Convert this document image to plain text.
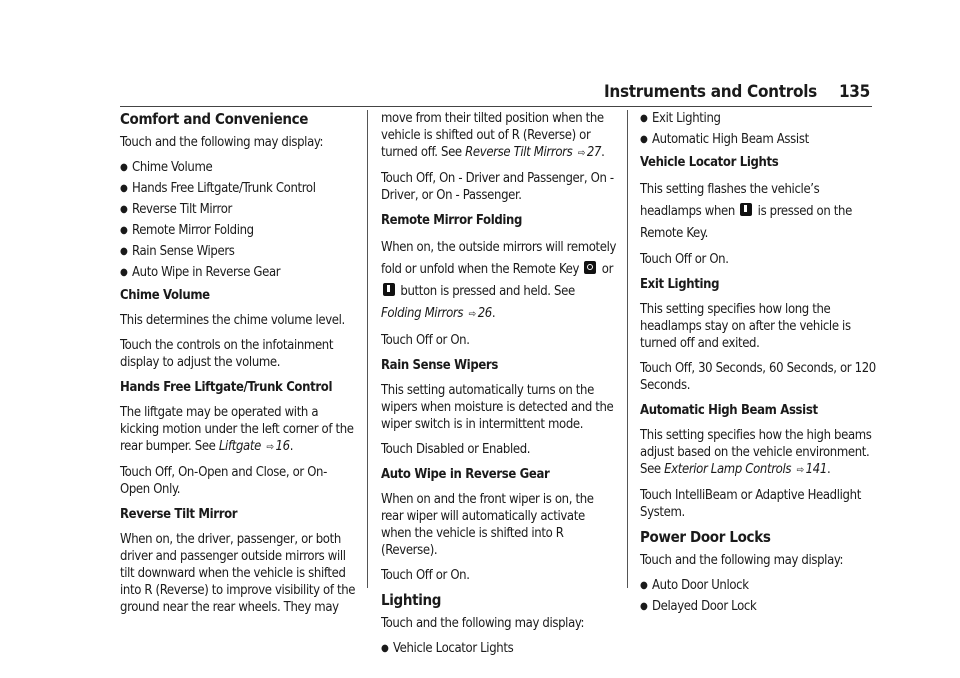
Instruments and Controls 135

Comfort and Convenience

Touch and the following may display:

● Chime Volume
● Hands Free Liftgate/Trunk Control
● Reverse Tilt Mirror
● Remote Mirror Folding
● Rain Sense Wipers
● Auto Wipe in Reverse Gear

Chime Volume

This determines the chime volume level.

Touch the controls on the infotainment display to adjust the volume.

Hands Free Liftgate/Trunk Control

The liftgate may be operated with a kicking motion under the left corner of the rear bumper. See Liftgate ⇨ 16.

Touch Off, On-Open and Close, or On-Open Only.

Reverse Tilt Mirror

When on, the driver, passenger, or both driver and passenger outside mirrors will tilt downward when the vehicle is shifted into R (Reverse) to improve visibility of the ground near the rear wheels. They may

move from their tilted position when the vehicle is shifted out of R (Reverse) or turned off. See Reverse Tilt Mirrors ⇨ 27.

Touch Off, On - Driver and Passenger, On - Driver, or On - Passenger.

Remote Mirror Folding

When on, the outside mirrors will remotely fold or unfold when the Remote Key  or
button is pressed and held. See Folding Mirrors ⇨ 26.

Touch Off or On.

Rain Sense Wipers

This setting automatically turns on the wipers when moisture is detected and the wiper switch is in intermittent mode.

Touch Disabled or Enabled.

Auto Wipe in Reverse Gear

When on and the front wiper is on, the rear wiper will automatically activate when the vehicle is shifted into R (Reverse).

Touch Off or On.

Lighting

Touch and the following may display:

● Vehicle Locator Lights
● Exit Lighting
● Automatic High Beam Assist

Vehicle Locator Lights

This setting flashes the vehicle’s headlamps when  is pressed on the Remote Key.

Touch Off or On.

Exit Lighting

This setting specifies how long the headlamps stay on after the vehicle is turned off and exited.

Touch Off, 30 Seconds, 60 Seconds, or 120 Seconds.

Automatic High Beam Assist

This setting specifies how the high beams adjust based on the vehicle environment. See Exterior Lamp Controls ⇨ 141.

Touch IntelliBeam or Adaptive Headlight System.

Power Door Locks

Touch and the following may display:

● Auto Door Unlock
● Delayed Door Lock
